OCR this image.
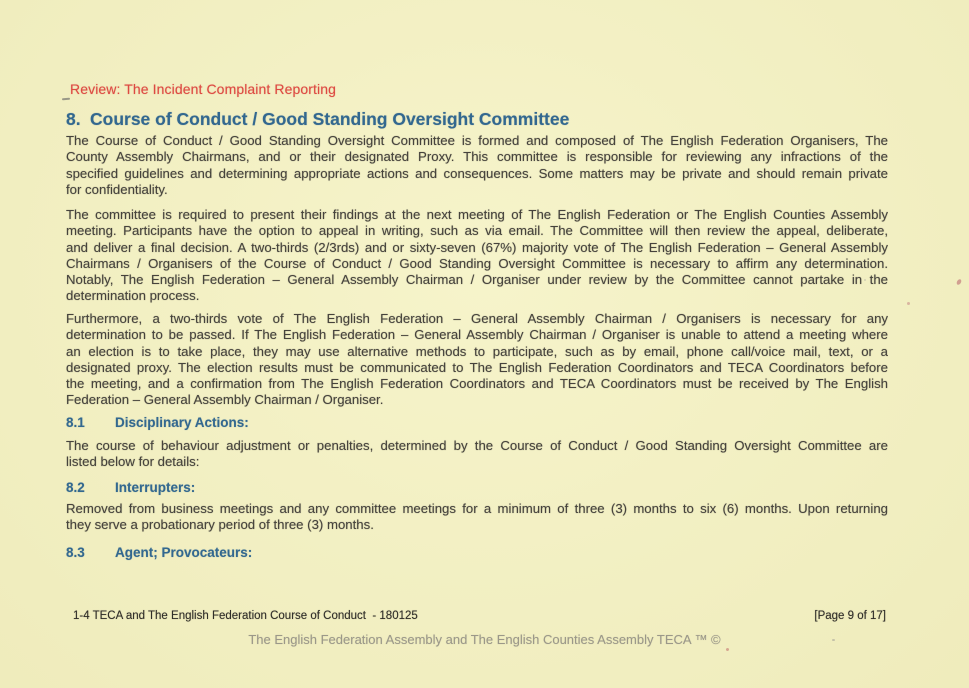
Review: The Incident Complaint Reporting
8. Course of Conduct / Good Standing Oversight Committee
The Course of Conduct / Good Standing Oversight Committee is formed and composed of The English Federation Organisers, The
County Assembly Chairmans, and or their designated Proxy. This committee is responsible for reviewing any infractions of the
specified guidelines and determining appropriate actions and consequences. Some matters may be private and should remain private
for confidentiality.
The committee is required to present their findings at the next meeting of The English Federation or The English Counties Assembly
meeting. Participants have the option to appeal in writing, such as via email. The Committee will then review the appeal, deliberate,
and deliver a final decision. A two-thirds (2/3rds) and or sixty-seven (67%) majority vote of The English Federation – General Assembly
Chairmans / Organisers of the Course of Conduct / Good Standing Oversight Committee is necessary to affirm any determination.
Notably, The English Federation – General Assembly Chairman / Organiser under review by the Committee cannot partake in the
determination process.
Furthermore, a two-thirds vote of The English Federation – General Assembly Chairman / Organisers is necessary for any
determination to be passed. If The English Federation – General Assembly Chairman / Organiser is unable to attend a meeting where
an election is to take place, they may use alternative methods to participate, such as by email, phone call/voice mail, text, or a
designated proxy. The election results must be communicated to The English Federation Coordinators and TECA Coordinators before
the meeting, and a confirmation from The English Federation Coordinators and TECA Coordinators must be received by The English
Federation – General Assembly Chairman / Organiser.
8.1 Disciplinary Actions:
The course of behaviour adjustment or penalties, determined by the Course of Conduct / Good Standing Oversight Committee are
listed below for details:
8.2 Interrupters:
Removed from business meetings and any committee meetings for a minimum of three (3) months to six (6) months. Upon returning
they serve a probationary period of three (3) months.
8.3 Agent; Provocateurs:
1-4 TECA and The English Federation Course of Conduct  - 180125	[Page 9 of 17]
The English Federation Assembly and The English Counties Assembly TECA ™ ©
